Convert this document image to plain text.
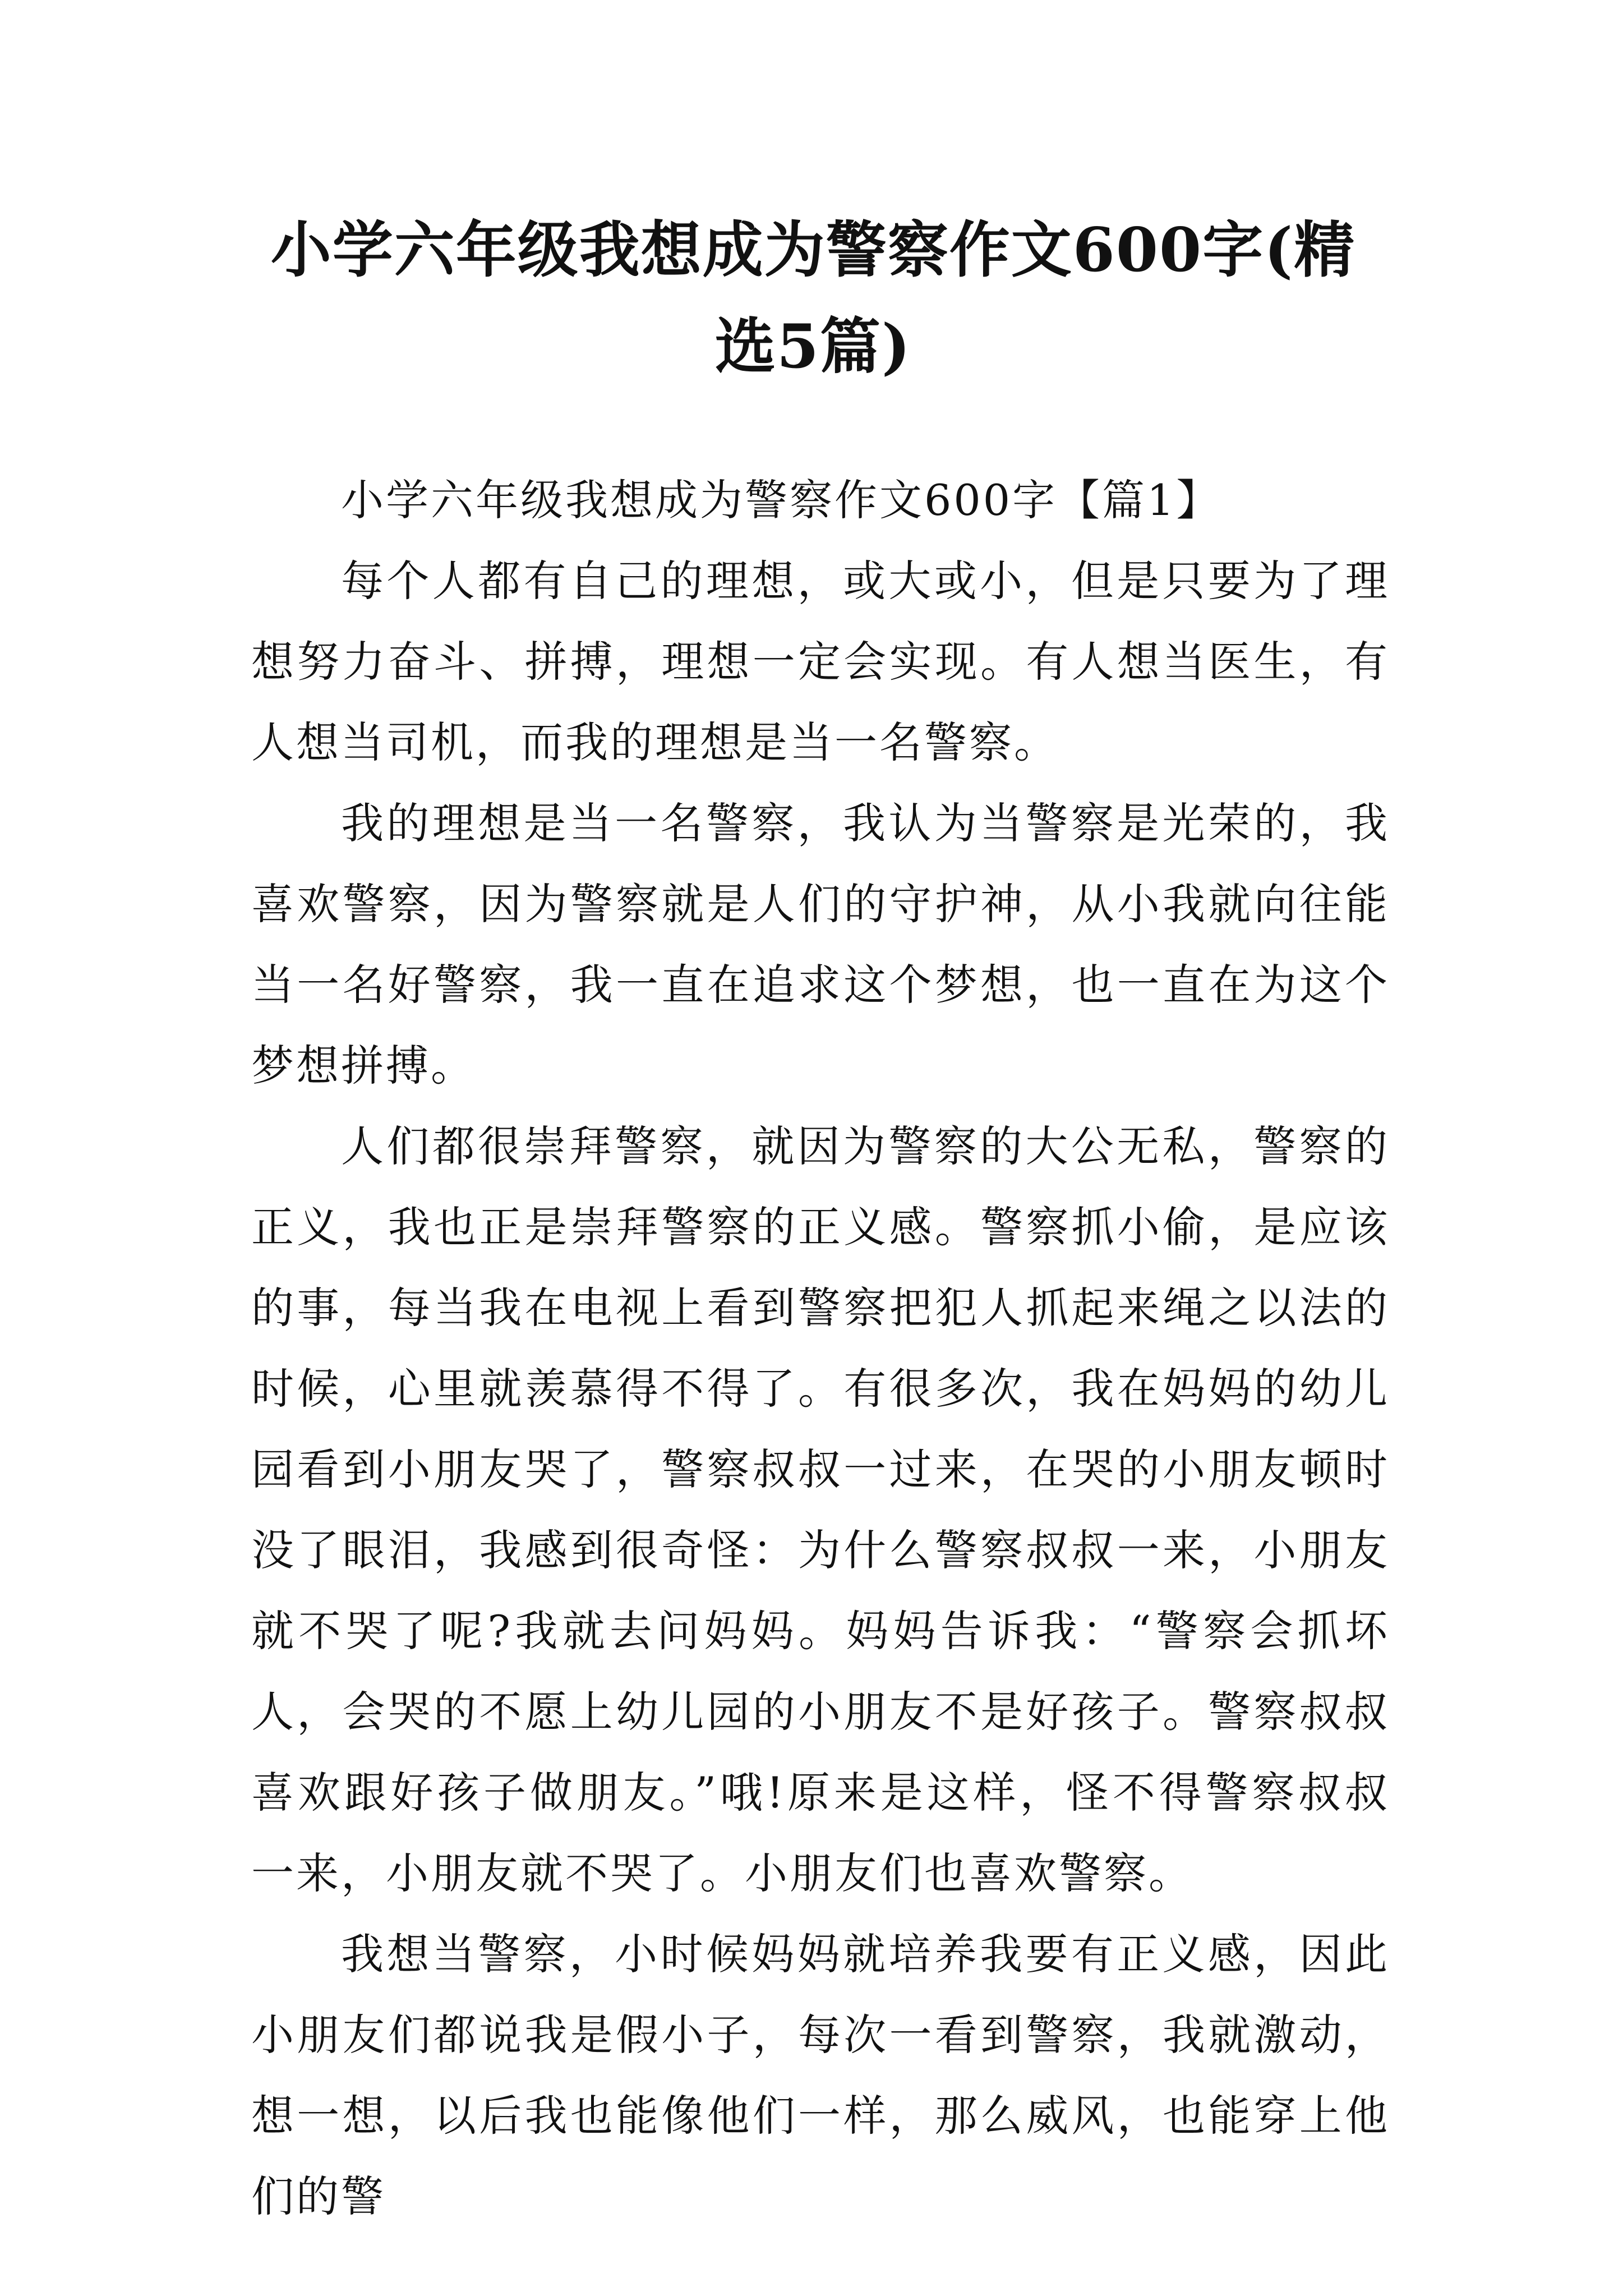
小学六年级我想成为警察作文600字(精选5篇)

小学六年级我想成为警察作文600字【篇1】

每个人都有自己的理想，或大或小，但是只要为了理想努力奋斗、拼搏，理想一定会实现。有人想当医生，有人想当司机，而我的理想是当一名警察。

我的理想是当一名警察，我认为当警察是光荣的，我喜欢警察，因为警察就是人们的守护神，从小我就向往能当一名好警察，我一直在追求这个梦想，也一直在为这个梦想拼搏。

人们都很崇拜警察，就因为警察的大公无私，警察的正义，我也正是崇拜警察的正义感。警察抓小偷，是应该的事，每当我在电视上看到警察把犯人抓起来绳之以法的时候，心里就羡慕得不得了。有很多次，我在妈妈的幼儿园看到小朋友哭了，警察叔叔一过来，在哭的小朋友顿时没了眼泪，我感到很奇怪：为什么警察叔叔一来，小朋友就不哭了呢?我就去问妈妈。妈妈告诉我：“警察会抓坏人，会哭的不愿上幼儿园的小朋友不是好孩子。警察叔叔喜欢跟好孩子做朋友。”哦!原来是这样，怪不得警察叔叔一来，小朋友就不哭了。小朋友们也喜欢警察。

我想当警察，小时候妈妈就培养我要有正义感，因此小朋友们都说我是假小子，每次一看到警察，我就激动，想一想，以后我也能像他们一样，那么威风，也能穿上他们的警
